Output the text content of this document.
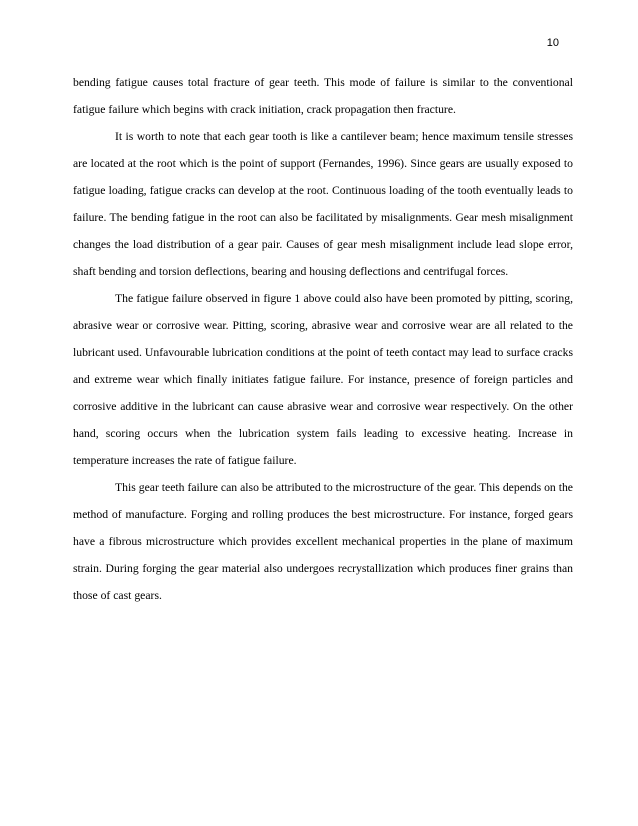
10

bending fatigue causes total fracture of gear teeth. This mode of failure is similar to the conventional fatigue failure which begins with crack initiation, crack propagation then fracture.

It is worth to note that each gear tooth is like a cantilever beam; hence maximum tensile stresses are located at the root which is the point of support (Fernandes, 1996). Since gears are usually exposed to fatigue loading, fatigue cracks can develop at the root. Continuous loading of the tooth eventually leads to failure. The bending fatigue in the root can also be facilitated by misalignments. Gear mesh misalignment changes the load distribution of a gear pair. Causes of gear mesh misalignment include lead slope error, shaft bending and torsion deflections, bearing and housing deflections and centrifugal forces.

The fatigue failure observed in figure 1 above could also have been promoted by pitting, scoring, abrasive wear or corrosive wear. Pitting, scoring, abrasive wear and corrosive wear are all related to the lubricant used. Unfavourable lubrication conditions at the point of teeth contact may lead to surface cracks and extreme wear which finally initiates fatigue failure. For instance, presence of foreign particles and corrosive additive in the lubricant can cause abrasive wear and corrosive wear respectively. On the other hand, scoring occurs when the lubrication system fails leading to excessive heating. Increase in temperature increases the rate of fatigue failure.

This gear teeth failure can also be attributed to the microstructure of the gear. This depends on the method of manufacture. Forging and rolling produces the best microstructure. For instance, forged gears have a fibrous microstructure which provides excellent mechanical properties in the plane of maximum strain. During forging the gear material also undergoes recrystallization which produces finer grains than those of cast gears.
